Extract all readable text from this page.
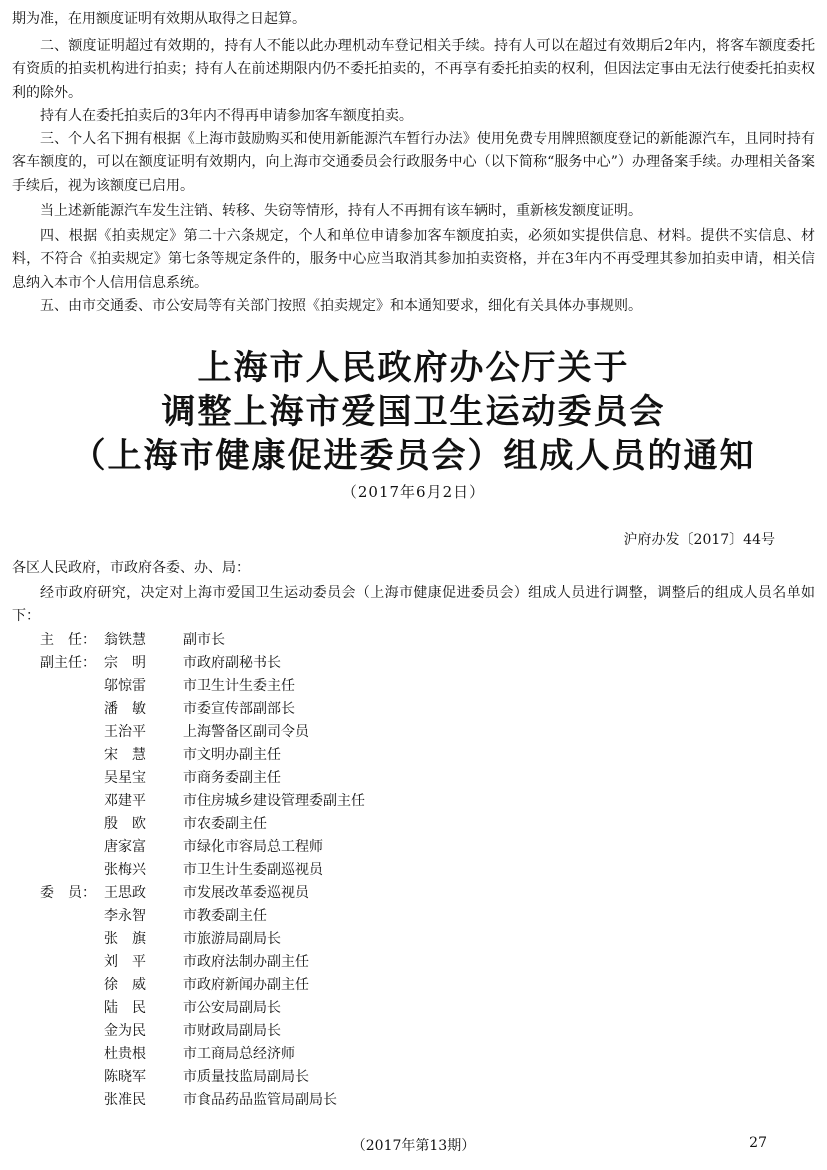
期为准，在用额度证明有效期从取得之日起算。

二、额度证明超过有效期的，持有人不能以此办理机动车登记相关手续。持有人可以在超过有效期后2年内，将客车额度委托有资质的拍卖机构进行拍卖；持有人在前述期限内仍不委托拍卖的，不再享有委托拍卖的权利，但因法定事由无法行使委托拍卖权利的除外。

持有人在委托拍卖后的3年内不得再申请参加客车额度拍卖。

三、个人名下拥有根据《上海市鼓励购买和使用新能源汽车暂行办法》使用免费专用牌照额度登记的新能源汽车，且同时持有客车额度的，可以在额度证明有效期内，向上海市交通委员会行政服务中心（以下简称“服务中心”）办理备案手续。办理相关备案手续后，视为该额度已启用。

当上述新能源汽车发生注销、转移、失窃等情形，持有人不再拥有该车辆时，重新核发额度证明。

四、根据《拍卖规定》第二十六条规定，个人和单位申请参加客车额度拍卖，必须如实提供信息、材料。提供不实信息、材料，不符合《拍卖规定》第七条等规定条件的，服务中心应当取消其参加拍卖资格，并在3年内不再受理其参加拍卖申请，相关信息纳入本市个人信用信息系统。

五、由市交通委、市公安局等有关部门按照《拍卖规定》和本通知要求，细化有关具体办事规则。

上海市人民政府办公厅关于
调整上海市爱国卫生运动委员会
（上海市健康促进委员会）组成人员的通知
（2017年6月2日）
沪府办发〔2017〕44号

各区人民政府，市政府各委、办、局：

经市政府研究，决定对上海市爱国卫生运动委员会（上海市健康促进委员会）组成人员进行调整，调整后的组成人员名单如下：

主　任： 翁铁慧	副市长
副主任： 宗　明	市政府副秘书长
邬惊雷	市卫生计生委主任
潘　敏	市委宣传部副部长
王治平	上海警备区副司令员
宋　慧	市文明办副主任
吴星宝	市商务委副主任
邓建平	市住房城乡建设管理委副主任
殷　欧	市农委副主任
唐家富	市绿化市容局总工程师
张梅兴	市卫生计生委副巡视员
委　员： 王思政	市发展改革委巡视员
李永智	市教委副主任
张　旗	市旅游局副局长
刘　平	市政府法制办副主任
徐　威	市政府新闻办副主任
陆　民	市公安局副局长
金为民	市财政局副局长
杜贵根	市工商局总经济师
陈晓军	市质量技监局副局长
张准民	市食品药品监管局副局长
（2017年第13期）	27
